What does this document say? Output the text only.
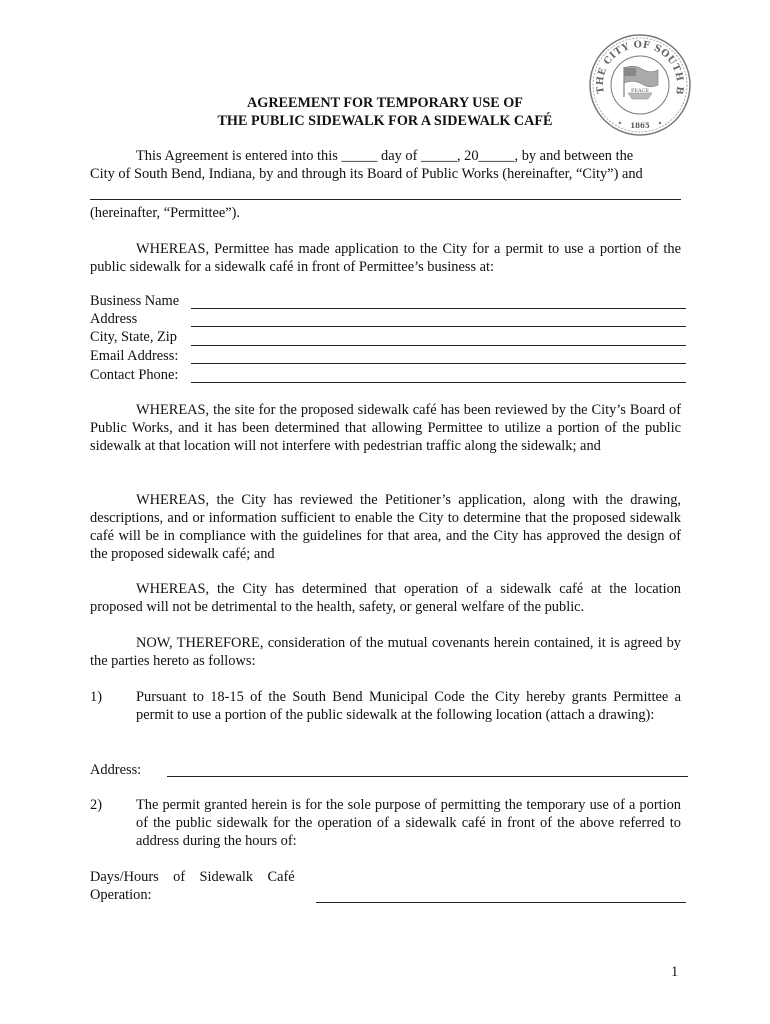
THE CITY OF SOUTH B
PEACE
1865
AGREEMENT FOR TEMPORARY USE OF
THE PUBLIC SIDEWALK FOR A SIDEWALK CAFÉ
This Agreement is entered into this _____ day of _____, 20_____, by and between the
City of South Bend, Indiana, by and through its Board of Public Works (hereinafter, “City”) and
(hereinafter, “Permittee”).
WHEREAS, Permittee has made application to the City for a permit to use a portion of the public sidewalk for a sidewalk café in front of Permittee’s business at:
Business Name
Address
City, State, Zip
Email Address:
Contact Phone:
WHEREAS, the site for the proposed sidewalk café has been reviewed by the City’s Board of Public Works, and it has been determined that allowing Permittee to utilize a portion of the public sidewalk at that location will not interfere with pedestrian traffic along the sidewalk; and
WHEREAS, the City has reviewed the Petitioner’s application, along with the drawing, descriptions, and or information sufficient to enable the City to determine that the proposed sidewalk café will be in compliance with the guidelines for that area, and the City has approved the design of the proposed sidewalk café; and
WHEREAS, the City has determined that operation of a sidewalk café at the location proposed will not be detrimental to the health, safety, or general welfare of the public.
NOW, THEREFORE, consideration of the mutual covenants herein contained, it is agreed by the parties hereto as follows:
1) Pursuant to 18-15 of the South Bend Municipal Code the City hereby grants Permittee a permit to use a portion of the public sidewalk at the following location (attach a drawing):
Address:
2) The permit granted herein is for the sole purpose of permitting the temporary use of a portion of the public sidewalk for the operation of a sidewalk café in front of the above referred to address during the hours of:
Days/Hours    of    Sidewalk    Café
Operation:
1
